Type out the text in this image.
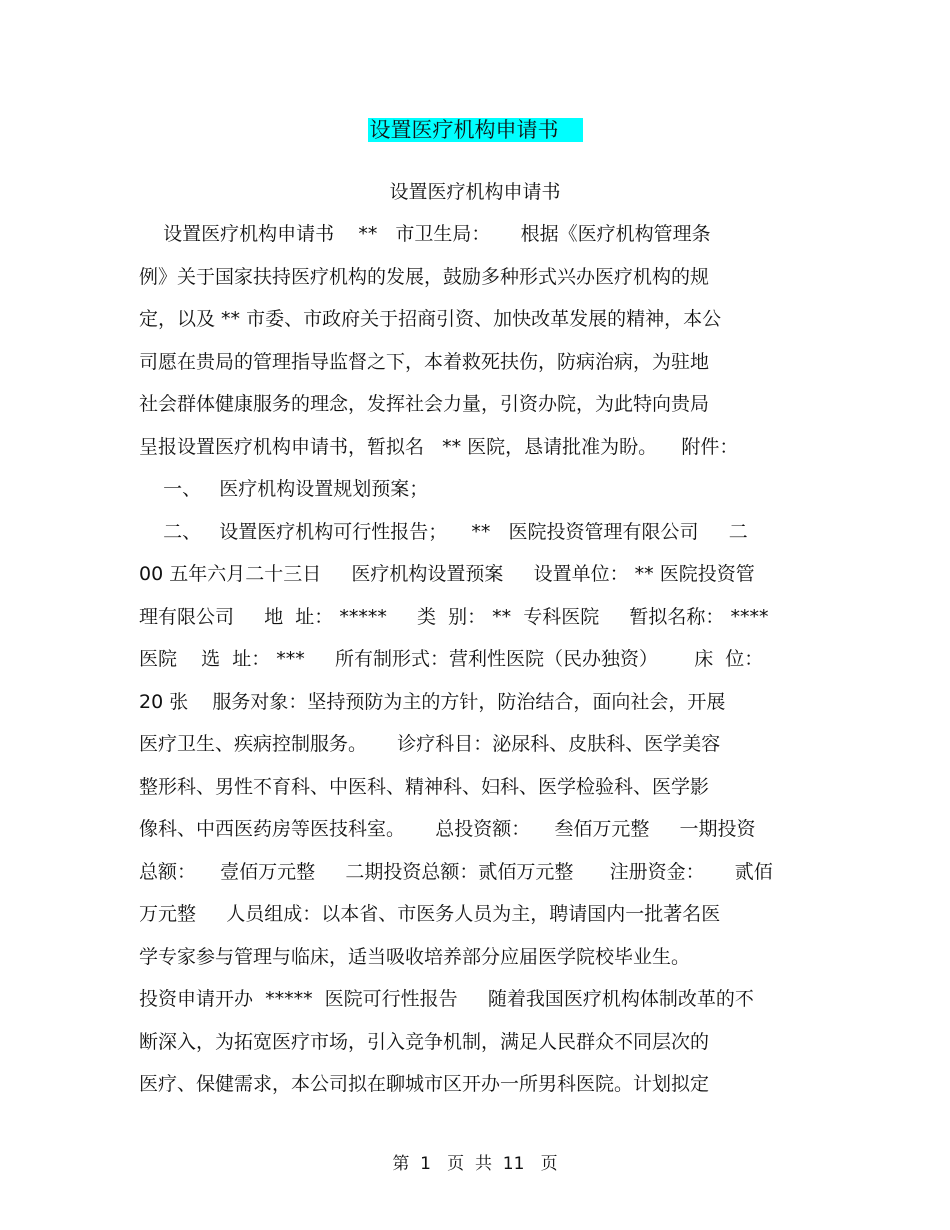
设置医疗机构申请书
设置医疗机构申请书
设置医疗机构申请书    **   市卫生局：     根据《医疗机构管理条
例》关于国家扶持医疗机构的发展，鼓励多种形式兴办医疗机构的规
定，以及 ** 市委、市政府关于招商引资、加快改革发展的精神，本公
司愿在贵局的管理指导监督之下，本着救死扶伤，防病治病，为驻地
社会群体健康服务的理念，发挥社会力量，引资办院，为此特向贵局
呈报设置医疗机构申请书，暂拟名   ** 医院，恳请批准为盼。    附件：
一、   医疗机构设置规划预案；
二、   设置医疗机构可行性报告；    **   医院投资管理有限公司     二
00 五年六月二十三日     医疗机构设置预案     设置单位： ** 医院投资管
理有限公司     地  址： *****     类  别： **  专科医院     暂拟名称： ****
医院    选  址： ***     所有制形式：营利性医院（民办独资）      床  位：
20 张    服务对象：坚持预防为主的方针，防治结合，面向社会，开展
医疗卫生、疾病控制服务。     诊疗科目：泌尿科、皮肤科、医学美容
整形科、男性不育科、中医科、精神科、妇科、医学检验科、医学影
像科、中西医药房等医技科室。     总投资额：    叁佰万元整     一期投资
总额：    壹佰万元整     二期投资总额：贰佰万元整      注册资金：     贰佰
万元整     人员组成：以本省、市医务人员为主，聘请国内一批著名医
学专家参与管理与临床，适当吸收培养部分应届医学院校毕业生。
投资申请开办  *****  医院可行性报告     随着我国医疗机构体制改革的不
断深入，为拓宽医疗市场，引入竞争机制，满足人民群众不同层次的
医疗、保健需求，本公司拟在聊城市区开办一所男科医院。计划拟定
第  1   页  共  11   页
